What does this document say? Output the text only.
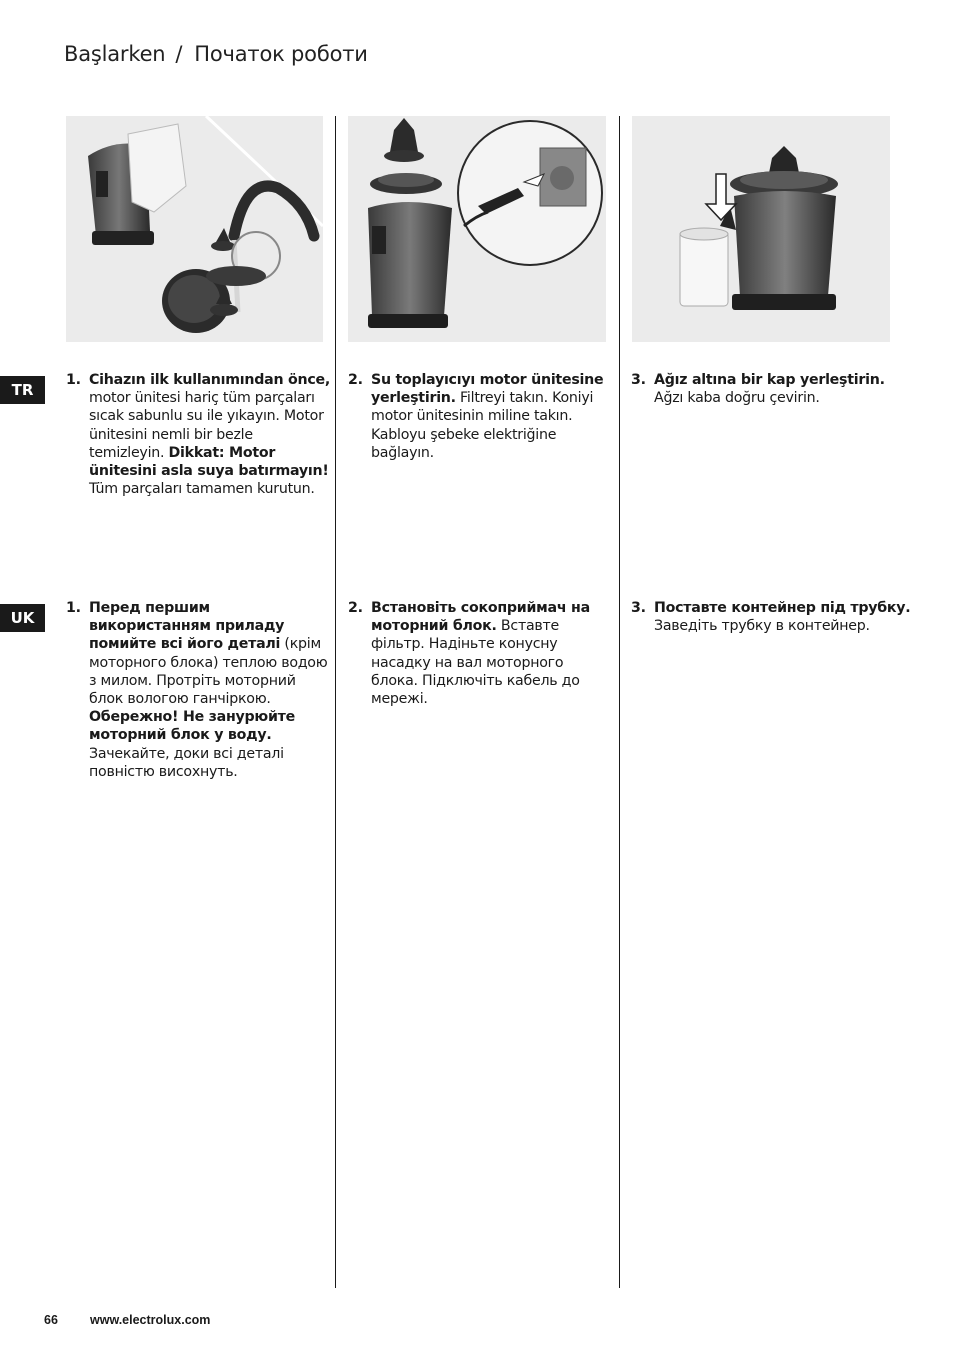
Başlarken / Початок роботи
TR
UK
1. Cihazın ilk kullanımından önce, motor ünitesi hariç tüm parçaları sıcak sabunlu su ile yıkayın. Motor ünitesini nemli bir bezle temizleyin. Dikkat: Motor ünitesini asla suya batırmayın! Tüm parçaları tamamen kurutun.
2. Su toplayıcıyı motor ünitesine yerleştirin. Filtreyi takın. Koniyi motor ünitesinin miline takın. Kabloyu şebeke elektriğine bağlayın.
3. Ağız altına bir kap yerleştirin.
Ağzı kaba doğru çevirin.
1. Перед першим використанням приладу помийте всі його деталі (крім моторного блока) теплою водою з милом. Протріть моторний блок вологою ганчіркою. Обережно! Не занурюйте моторний блок у воду. Зачекайте, доки всі деталі повністю висохнуть.
2. Встановіть сокоприймач на моторний блок. Вставте фільтр. Надіньте конусну насадку на вал моторного блока. Підключіть кабель до мережі.
3. Поставте контейнер під трубку.
Заведіть трубку в контейнер.
66	www.electrolux.com
